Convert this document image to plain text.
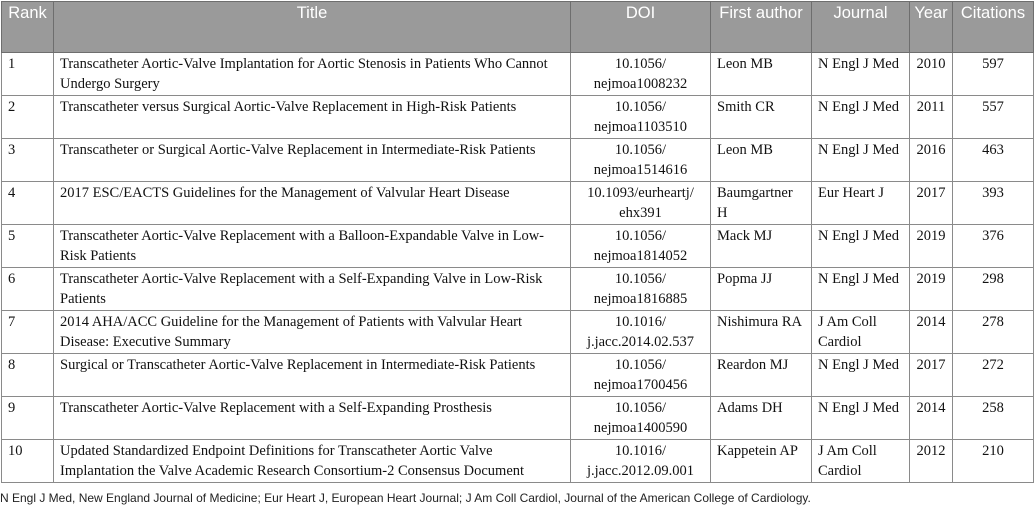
Rank	Title	DOI	First author	Journal	Year	Citations
1	Transcatheter Aortic-Valve Implantation for Aortic Stenosis in Patients Who Cannot Undergo Surgery	10.1056/ nejmoa1008232	Leon MB	N Engl J Med	2010	597
2	Transcatheter versus Surgical Aortic-Valve Replacement in High-Risk Patients	10.1056/ nejmoa1103510	Smith CR	N Engl J Med	2011	557
3	Transcatheter or Surgical Aortic-Valve Replacement in Intermediate-Risk Patients	10.1056/ nejmoa1514616	Leon MB	N Engl J Med	2016	463
4	2017 ESC/EACTS Guidelines for the Management of Valvular Heart Disease	10.1093/eurheartj/ ehx391	Baumgartner H	Eur Heart J	2017	393
5	Transcatheter Aortic-Valve Replacement with a Balloon-Expandable Valve in Low-Risk Patients	10.1056/ nejmoa1814052	Mack MJ	N Engl J Med	2019	376
6	Transcatheter Aortic-Valve Replacement with a Self-Expanding Valve in Low-Risk Patients	10.1056/ nejmoa1816885	Popma JJ	N Engl J Med	2019	298
7	2014 AHA/ACC Guideline for the Management of Patients with Valvular Heart Disease: Executive Summary	10.1016/ j.jacc.2014.02.537	Nishimura RA	J Am Coll Cardiol	2014	278
8	Surgical or Transcatheter Aortic-Valve Replacement in Intermediate-Risk Patients	10.1056/ nejmoa1700456	Reardon MJ	N Engl J Med	2017	272
9	Transcatheter Aortic-Valve Replacement with a Self-Expanding Prosthesis	10.1056/ nejmoa1400590	Adams DH	N Engl J Med	2014	258
10	Updated Standardized Endpoint Definitions for Transcatheter Aortic Valve Implantation the Valve Academic Research Consortium-2 Consensus Document	10.1016/ j.jacc.2012.09.001	Kappetein AP	J Am Coll Cardiol	2012	210
N Engl J Med, New England Journal of Medicine; Eur Heart J, European Heart Journal; J Am Coll Cardiol, Journal of the American College of Cardiology.
